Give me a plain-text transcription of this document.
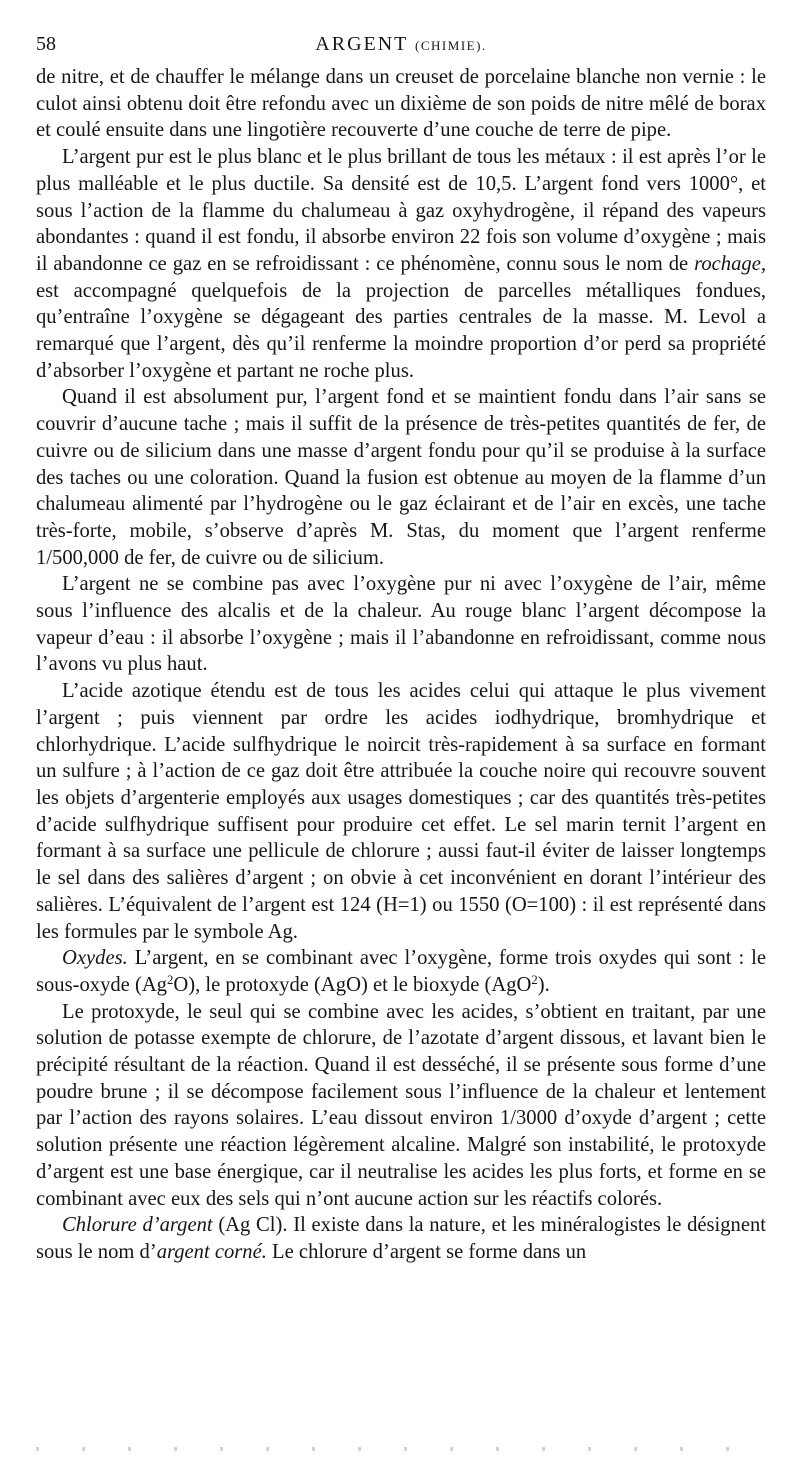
58	ARGENT (CHIMIE).

de nitre, et de chauffer le mélange dans un creuset de porcelaine blanche non vernie : le culot ainsi obtenu doit être refondu avec un dixième de son poids de nitre mêlé de borax et coulé ensuite dans une lingotière recouverte d’une couche de terre de pipe.

L’argent pur est le plus blanc et le plus brillant de tous les métaux : il est après l’or le plus malléable et le plus ductile. Sa densité est de 10,5. L’argent fond vers 1000°, et sous l’action de la flamme du chalumeau à gaz oxyhydrogène, il répand des vapeurs abondantes : quand il est fondu, il absorbe environ 22 fois son volume d’oxygène ; mais il abandonne ce gaz en se refroidissant : ce phénomène, connu sous le nom de rochage, est accompagné quelquefois de la projection de parcelles métalliques fondues, qu’entraîne l’oxygène se dégageant des parties centrales de la masse. M. Levol a remarqué que l’argent, dès qu’il renferme la moindre proportion d’or perd sa propriété d’absorber l’oxygène et partant ne roche plus.

Quand il est absolument pur, l’argent fond et se maintient fondu dans l’air sans se couvrir d’aucune tache ; mais il suffit de la présence de très-petites quantités de fer, de cuivre ou de silicium dans une masse d’argent fondu pour qu’il se produise à la surface des taches ou une coloration. Quand la fusion est obtenue au moyen de la flamme d’un chalumeau alimenté par l’hydrogène ou le gaz éclairant et de l’air en excès, une tache très-forte, mobile, s’observe d’après M. Stas, du moment que l’argent renferme 1/500,000 de fer, de cuivre ou de silicium.

L’argent ne se combine pas avec l’oxygène pur ni avec l’oxygène de l’air, même sous l’influence des alcalis et de la chaleur. Au rouge blanc l’argent décompose la vapeur d’eau : il absorbe l’oxygène ; mais il l’abandonne en refroidissant, comme nous l’avons vu plus haut.

L’acide azotique étendu est de tous les acides celui qui attaque le plus vivement l’argent ; puis viennent par ordre les acides iodhydrique, bromhydrique et chlorhydrique. L’acide sulfhydrique le noircit très-rapidement à sa surface en formant un sulfure ; à l’action de ce gaz doit être attribuée la couche noire qui recouvre souvent les objets d’argenterie employés aux usages domestiques ; car des quantités très-petites d’acide sulfhydrique suffisent pour produire cet effet. Le sel marin ternit l’argent en formant à sa surface une pellicule de chlorure ; aussi faut-il éviter de laisser longtemps le sel dans des salières d’argent ; on obvie à cet inconvénient en dorant l’intérieur des salières. L’équivalent de l’argent est 124 (H=1) ou 1550 (O=100) : il est représenté dans les formules par le symbole Ag.

Oxydes. L’argent, en se combinant avec l’oxygène, forme trois oxydes qui sont : le sous-oxyde (Ag$^2$O), le protoxyde (AgO) et le bioxyde (AgO$^2$).

Le protoxyde, le seul qui se combine avec les acides, s’obtient en traitant, par une solution de potasse exempte de chlorure, de l’azotate d’argent dissous, et lavant bien le précipité résultant de la réaction. Quand il est desséché, il se présente sous forme d’une poudre brune ; il se décompose facilement sous l’influence de la chaleur et lentement par l’action des rayons solaires. L’eau dissout environ 1/3000 d’oxyde d’argent ; cette solution présente une réaction légèrement alcaline. Malgré son instabilité, le protoxyde d’argent est une base énergique, car il neutralise les acides les plus forts, et forme en se combinant avec eux des sels qui n’ont aucune action sur les réactifs colorés.

Chlorure d’argent (Ag Cl). Il existe dans la nature, et les minéralogistes le désignent sous le nom d’argent corné. Le chlorure d’argent se forme dans un
